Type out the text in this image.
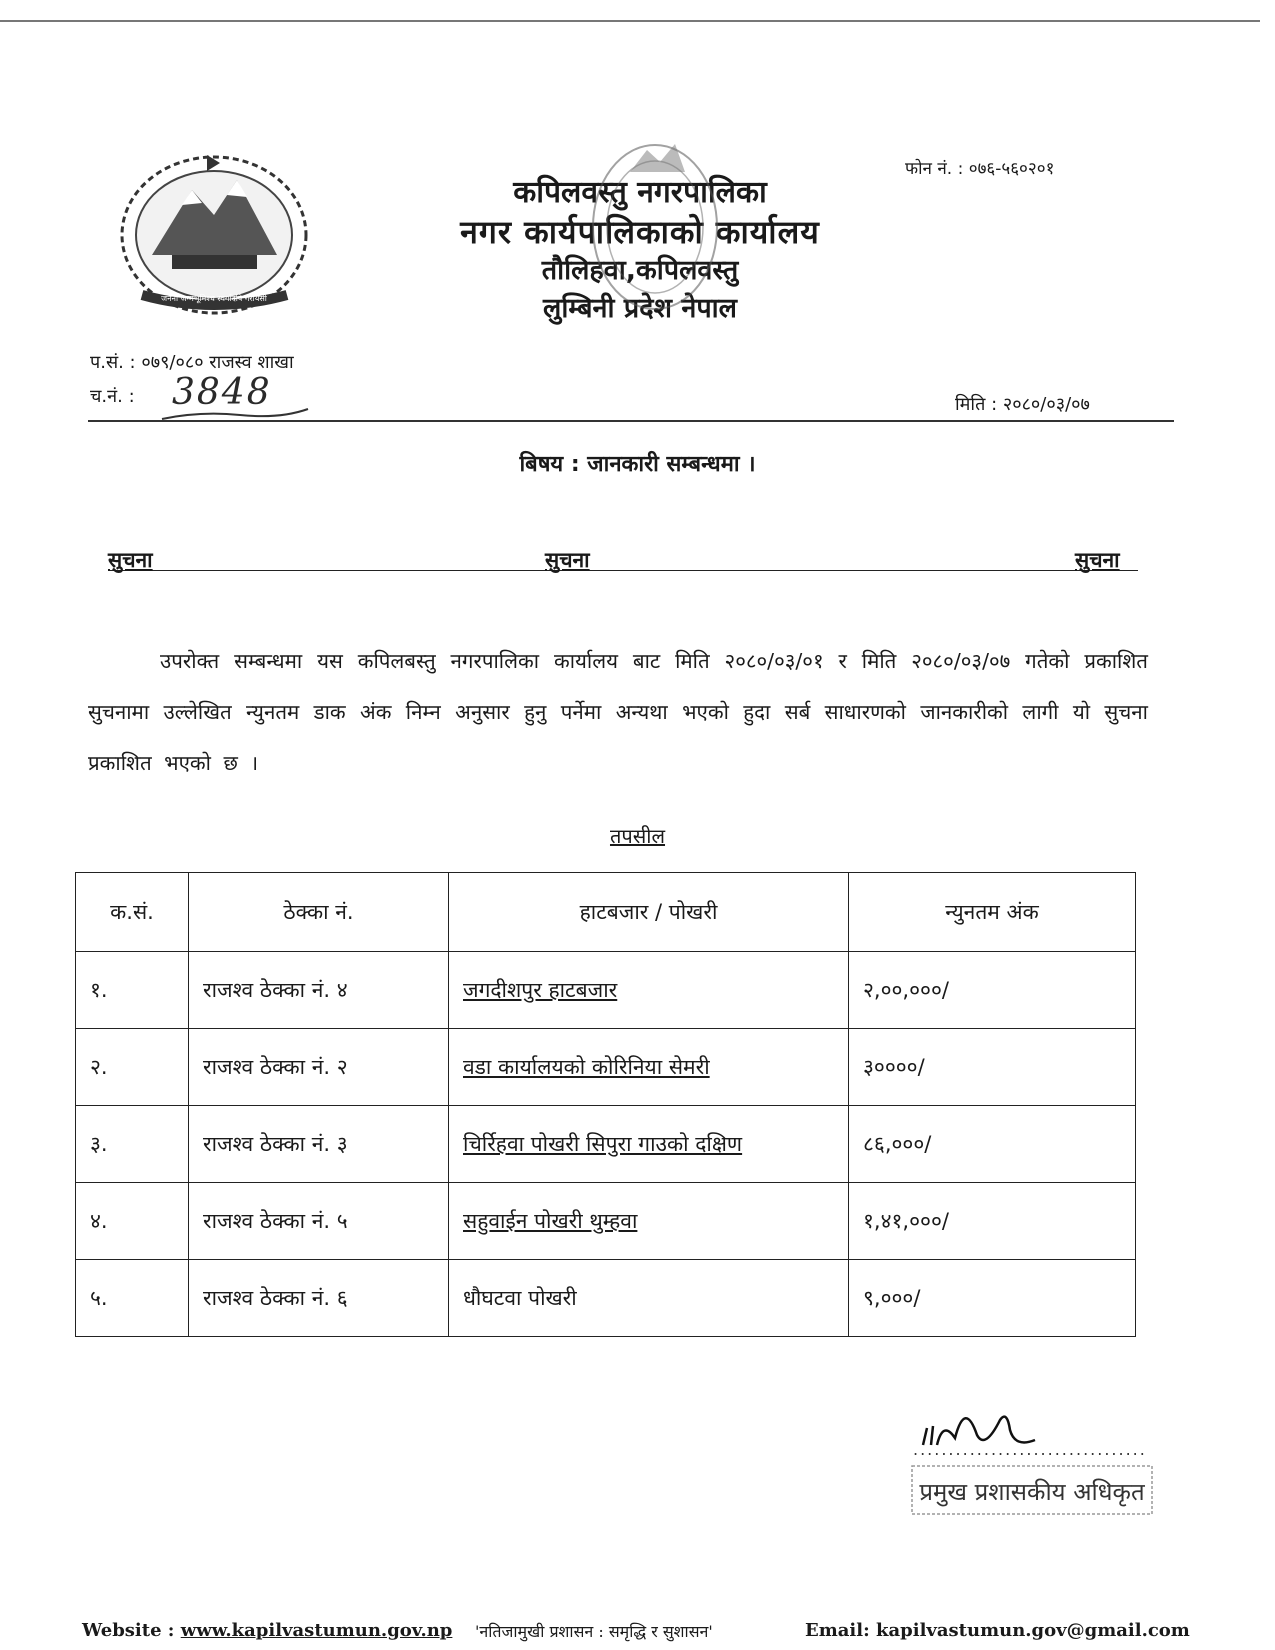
जननी जन्मभूमिश्च स्वर्गादपि गरीयसी
कपिलवस्तु नगरपालिका
नगर कार्यपालिकाको कार्यालय
तौलिहवा,कपिलवस्तु
लुम्बिनी प्रदेश नेपाल
फोन नं. : ०७६-५६०२०१
प.सं. : ०७९/०८० राजस्व शाखा
च.नं. : 3848	मिति : २०८०/०३/०७
बिषय : जानकारी सम्बन्धमा ।
सुचना	सुचना	सुचना
उपरोक्त सम्बन्धमा यस कपिलबस्तु नगरपालिका कार्यालय बाट मिति २०८०/०३/०१ र मिति २०८०/०३/०७ गतेको प्रकाशित सुचनामा उल्लेखित न्युनतम डाक अंक निम्न अनुसार हुनु पर्नेमा अन्यथा भएको हुदा सर्ब साधारणको जानकारीको लागी यो सुचना प्रकाशित भएको छ ।
तपसील
क.सं.	ठेक्का नं.	हाटबजार / पोखरी	न्युनतम अंक
१.	राजश्व ठेक्का नं. ४	जगदीशपुर हाटबजार	२,००,०००/
२.	राजश्व ठेक्का नं. २	वडा कार्यालयको कोरिनिया सेमरी	३००००/
३.	राजश्व ठेक्का नं. ३	चिर्रिहवा पोखरी सिपुरा गाउको दक्षिण	८६,०००/
४.	राजश्व ठेक्का नं. ५	सहुवाईन पोखरी थुम्हवा	१,४१,०००/
५.	राजश्व ठेक्का नं. ६	धौघटवा पोखरी	९,०००/
.................................
प्रमुख प्रशासकीय अधिकृत
Website : www.kapilvastumun.gov.np 'नतिजामुखी प्रशासन : समृद्धि र सुशासन'	Email: kapilvastumun.gov@gmail.com
